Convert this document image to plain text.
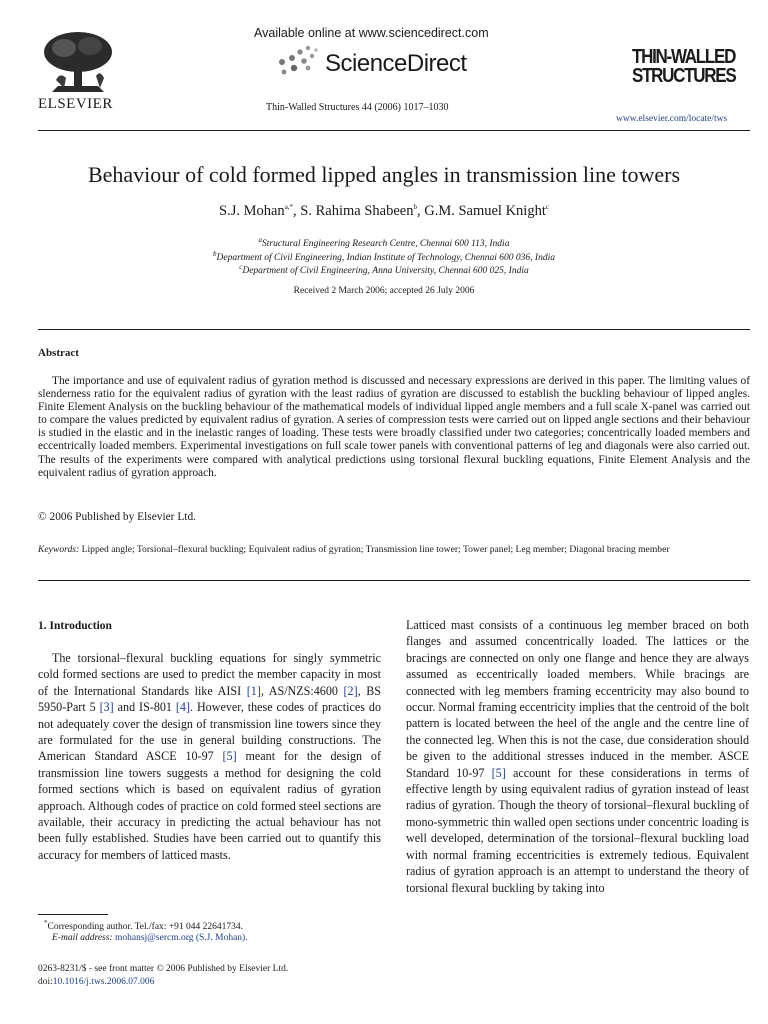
ELSEVIER
Available online at www.sciencedirect.com
ScienceDirect
Thin-Walled Structures 44 (2006) 1017–1030
THIN-WALLED
STRUCTURES
www.elsevier.com/locate/tws
Behaviour of cold formed lipped angles in transmission line towers
S.J. Mohan$^{a,*}$, S. Rahima Shabeen$^b$, G.M. Samuel Knight$^c$
$^a$Structural Engineering Research Centre, Chennai 600 113, India
$^b$Department of Civil Engineering, Indian Institute of Technology, Chennai 600 036, India
$^c$Department of Civil Engineering, Anna University, Chennai 600 025, India
Received 2 March 2006; accepted 26 July 2006
Abstract
The importance and use of equivalent radius of gyration method is discussed and necessary expressions are derived in this paper. The limiting values of slenderness ratio for the equivalent radius of gyration with the least radius of gyration are discussed to establish the buckling behaviour of lipped angles. Finite Element Analysis on the buckling behaviour of the mathematical models of individual lipped angle members and a full scale X-panel was carried out to compare the values predicted by equivalent radius of gyration. A series of compression tests were carried out on lipped angle sections and their behaviour is studied in the elastic and in the inelastic ranges of loading. These tests were broadly classified under two categories; concentrically loaded members and eccentrically loaded members. Experimental investigations on full scale tower panels with conventional patterns of leg and diagonals were also carried out. The results of the experiments were compared with analytical predictions using torsional flexural buckling equations, Finite Element Analysis and the equivalent radius of gyration approach.
© 2006 Published by Elsevier Ltd.
Keywords: Lipped angle; Torsional–flexural buckling; Equivalent radius of gyration; Transmission line tower; Tower panel; Leg member; Diagonal bracing member
1. Introduction
The torsional–flexural buckling equations for singly symmetric cold formed sections are used to predict the member capacity in most of the International Standards like AISI [1], AS/NZS:4600 [2], BS 5950-Part 5 [3] and IS-801 [4]. However, these codes of practices do not adequately cover the design of transmission line towers since they are formulated for the use in general building constructions. The American Standard ASCE 10-97 [5] meant for the design of transmission line towers suggests a method for designing the cold formed sections which is based on equivalent radius of gyration approach. Although codes of practice on cold formed steel sections are available, their accuracy in predicting the actual behaviour has not been fully established. Studies have been carried out to quantify this accuracy for members of latticed masts.
Latticed mast consists of a continuous leg member braced on both flanges and assumed concentrically loaded. The lattices or the bracings are connected on only one flange and hence they are always assumed as eccentrically loaded members. While bracings are connected with leg members framing eccentricity may also bound to occur. Normal framing eccentricity implies that the centroid of the bolt pattern is located between the heel of the angle and the centre line of the connected leg. When this is not the case, due consideration should be given to the additional stresses induced in the member. ASCE Standard 10-97 [5] account for these considerations in terms of effective length by using equivalent radius of gyration instead of least radius of gyration. Though the theory of torsional–flexural buckling of mono-symmetric thin walled open sections under concentric loading is well developed, determination of the torsional–flexural buckling load with normal framing eccentricities is extremely tedious. Equivalent radius of gyration approach is an attempt to understand the theory of torsional flexural buckling by taking into
*Corresponding author. Tel./fax: +91 044 22641734.
E-mail address: mohansj@sercm.org (S.J. Mohan).
0263-8231/$ - see front matter © 2006 Published by Elsevier Ltd.
doi:10.1016/j.tws.2006.07.006
